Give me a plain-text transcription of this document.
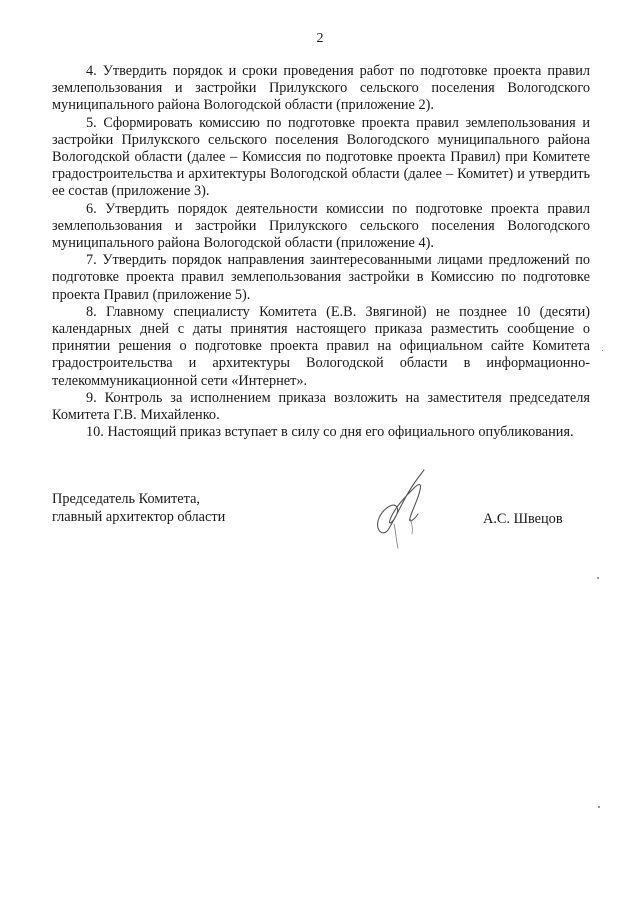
2

4. Утвердить порядок и сроки проведения работ по подготовке проекта правил землепользования и застройки Прилукского сельского поселения Вологодского муниципального района Вологодской области (приложение 2).

5. Сформировать комиссию по подготовке проекта правил землепользования и застройки Прилукского сельского поселения Вологодского муниципального района Вологодской области (далее – Комиссия по подготовке проекта Правил) при Комитете градостроительства и архитектуры Вологодской области (далее – Комитет) и утвердить ее состав (приложение 3).

6. Утвердить порядок деятельности комиссии по подготовке проекта правил землепользования и застройки Прилукского сельского поселения Вологодского муниципального района Вологодской области (приложение 4).

7. Утвердить порядок направления заинтересованными лицами предложений по подготовке проекта правил землепользования застройки в Комиссию по подготовке проекта Правил (приложение 5).

8. Главному специалисту Комитета (Е.В. Звягиной) не позднее 10 (десяти) календарных дней с даты принятия настоящего приказа разместить сообщение о принятии решения о подготовке проекта правил на официальном сайте Комитета градостроительства и архитектуры Вологодской области в информационно-телекоммуникационной сети «Интернет».

9. Контроль за исполнением приказа возложить на заместителя председателя Комитета Г.В. Михайленко.

10. Настоящий приказ вступает в силу со дня его официального опубликования.

Председатель Комитета,
главный архитектор области	А.С. Швецов
